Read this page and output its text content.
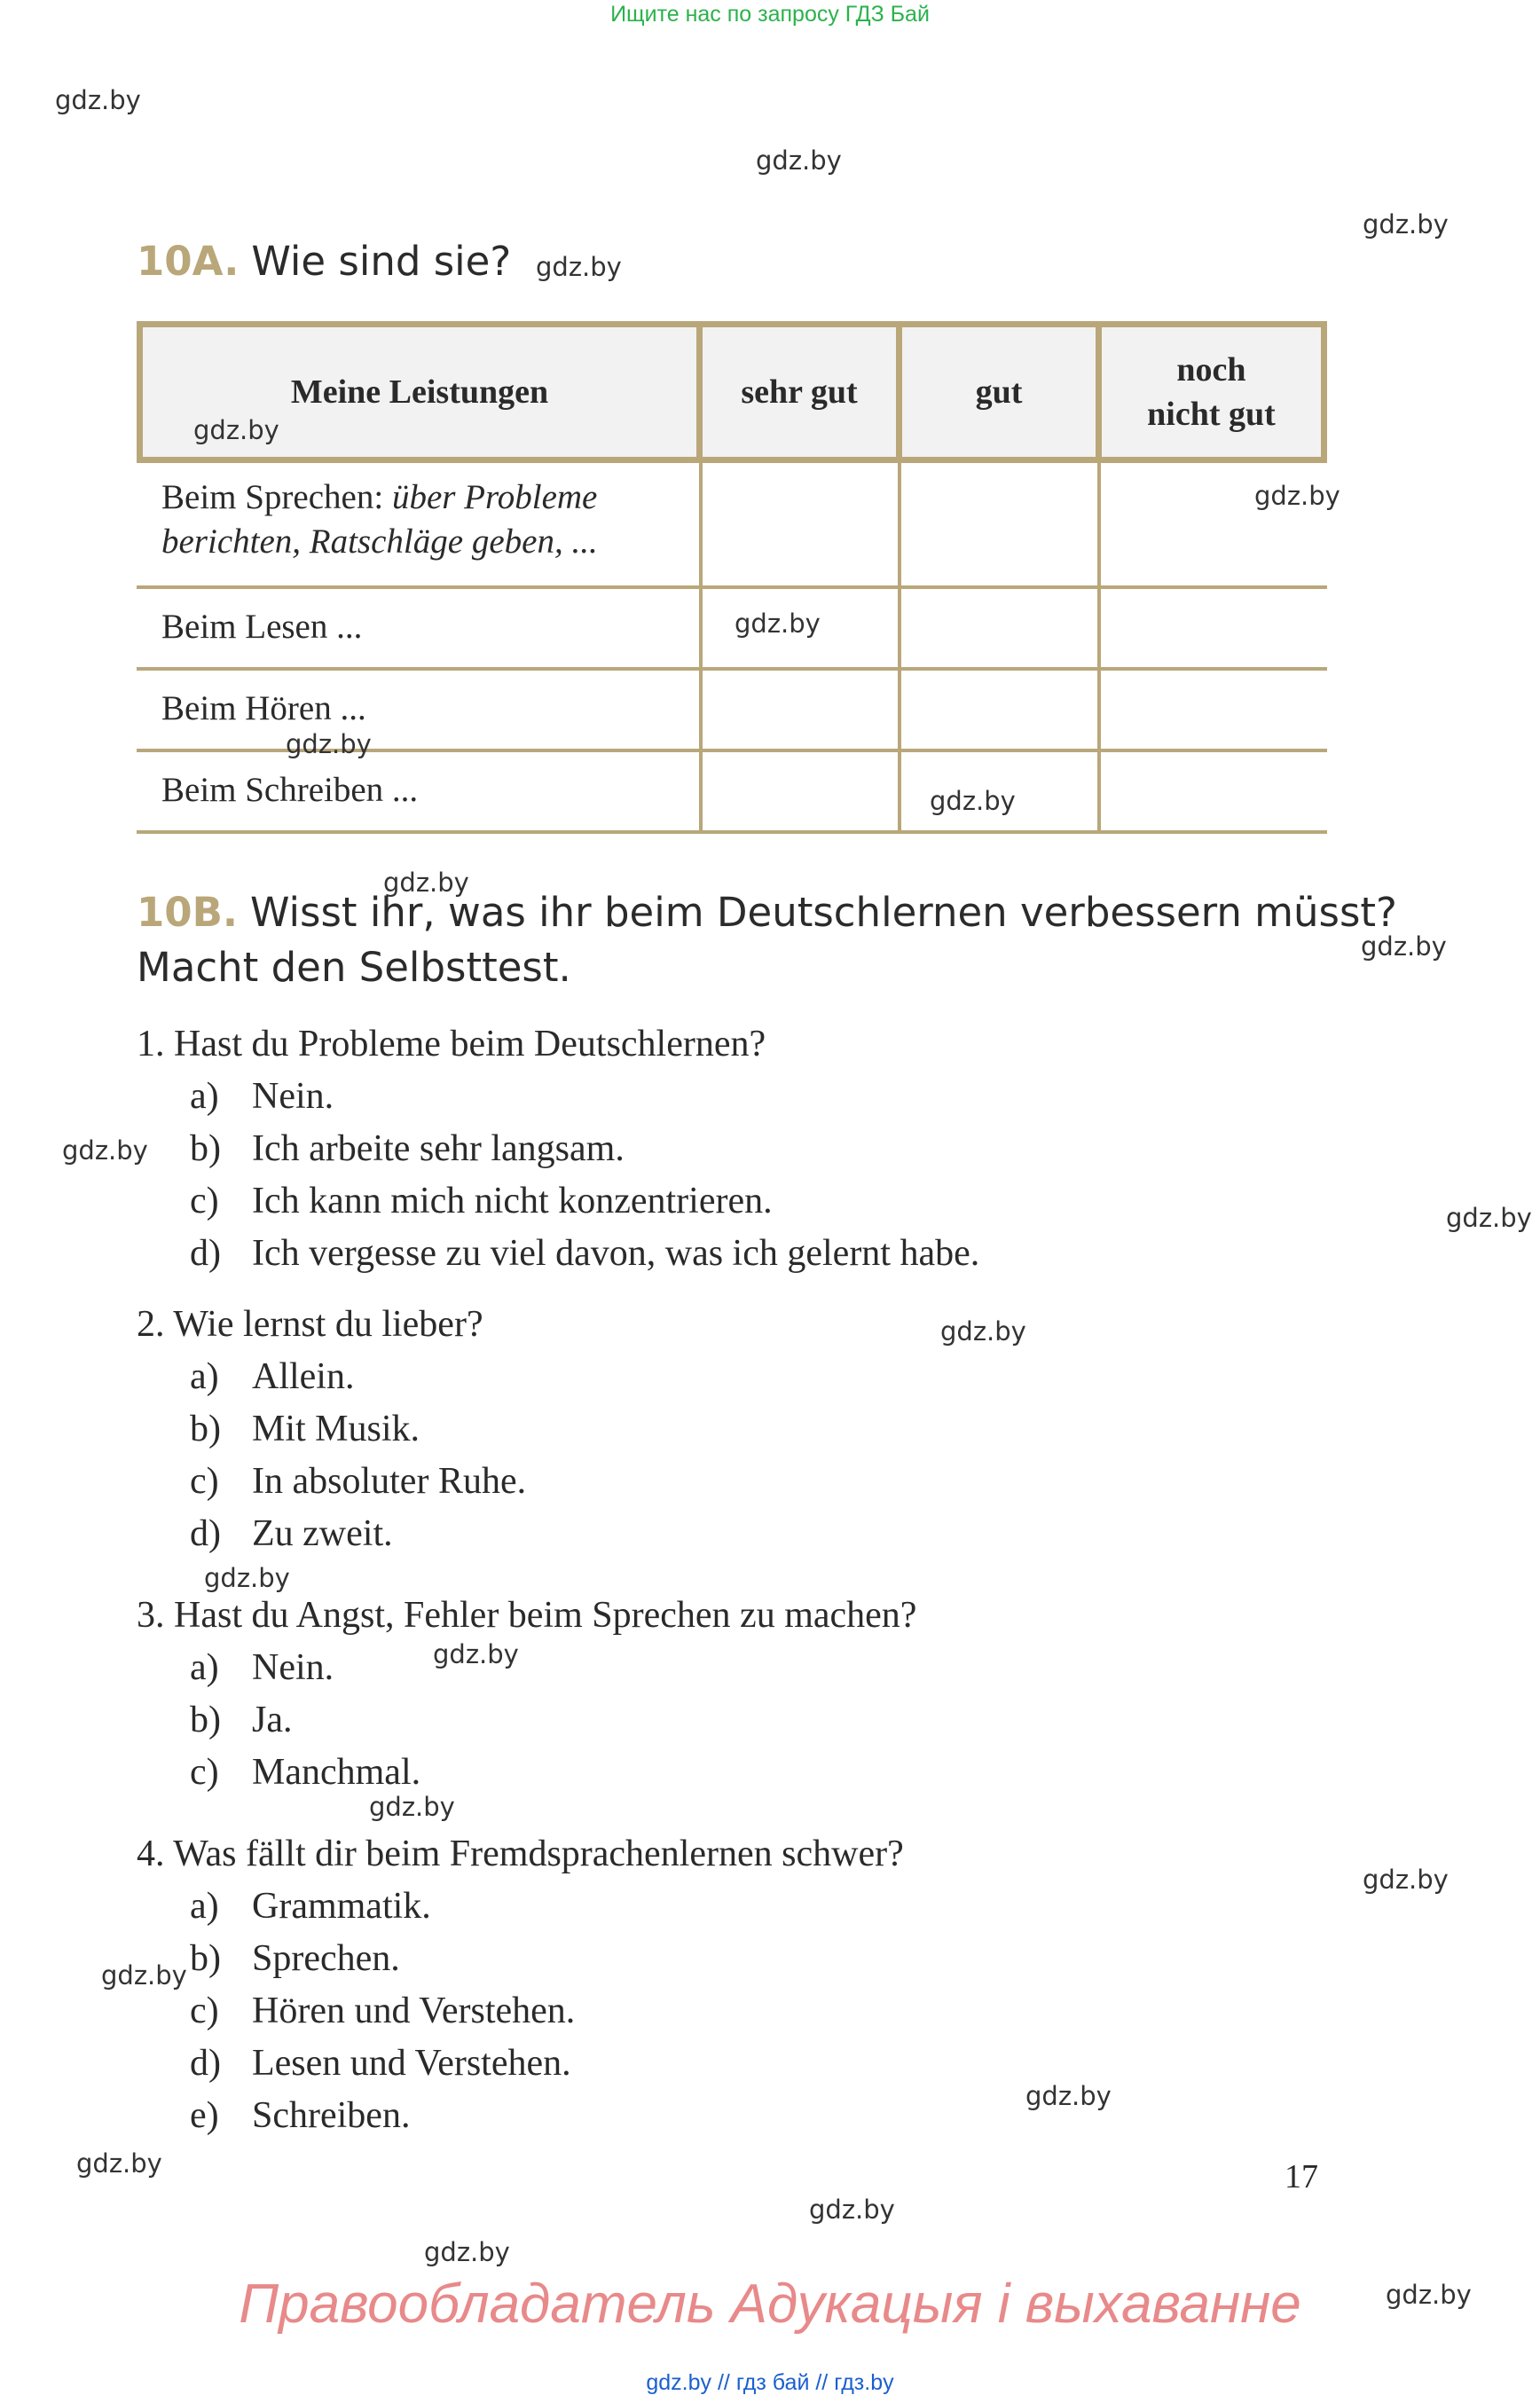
Ищите нас по запросу ГДЗ Бай
10A. Wie sind sie?
Meine Leistungen	sehr gut	gut
noch nicht gut
Beim Sprechen: über Probleme berichten, Ratschläge geben, ...
Beim Lesen ...
Beim Hören ...
Beim Schreiben ...
10B. Wisst ihr, was ihr beim Deutschlernen verbessern müsst?
Macht den Selbsttest.
1. Hast du Probleme beim Deutschlernen?
a) Nein.
b) Ich arbeite sehr langsam.
c) Ich kann mich nicht konzentrieren.
d) Ich vergesse zu viel davon, was ich gelernt habe.
2. Wie lernst du lieber?
a) Allein.
b) Mit Musik.
c) In absoluter Ruhe.
d) Zu zweit.
3. Hast du Angst, Fehler beim Sprechen zu machen?
a) Nein.
b) Ja.
c) Manchmal.
4. Was fällt dir beim Fremdsprachenlernen schwer?
a) Grammatik.
b) Sprechen.
c) Hören und Verstehen.
d) Lesen und Verstehen.
e) Schreiben.
17
Правообладатель Адукацыя і выхаванне
gdz.by // гдз бай // гдз.by
gdz.by
gdz.by
gdz.by
gdz.by
gdz.by
gdz.by
gdz.by
gdz.by
gdz.by
gdz.by
gdz.by
gdz.by
gdz.by
gdz.by
gdz.by
gdz.by
gdz.by
gdz.by
gdz.by
gdz.by
gdz.by
gdz.by
gdz.by
gdz.by
